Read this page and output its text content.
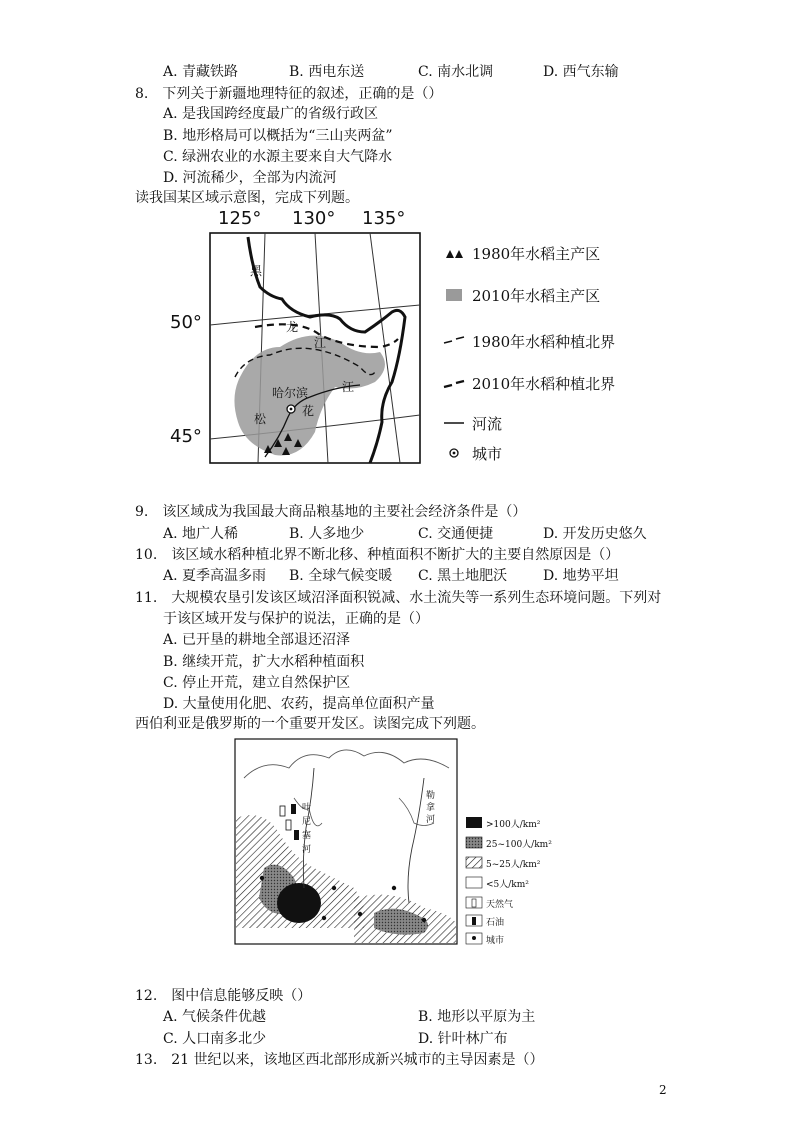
A. 青藏铁路	B. 西电东送	C. 南水北调	D. 西气东输
8.　下列关于新疆地理特征的叙述，正确的是（）
A. 是我国跨经度最广的省级行政区
B. 地形格局可以概括为“三山夹两盆”
C. 绿洲农业的水源主要来自大气降水
D. 河流稀少，全部为内流河
读我国某区域示意图，完成下列题。
125° 130° 135°
50°
45°
黑
龙
江
松
花
江
哈尔滨
1980年水稻主产区
2010年水稻主产区
1980年水稻种植北界
2010年水稻种植北界
河流
城市
9.　该区域成为我国最大商品粮基地的主要社会经济条件是（）
A. 地广人稀	B. 人多地少	C. 交通便捷	D. 开发历史悠久
10.　该区域水稻种植北界不断北移、种植面积不断扩大的主要自然原因是（）
A. 夏季高温多雨 B. 全球气候变暖 C. 黑土地肥沃	D. 地势平坦
11.　大规模农垦引发该区域沼泽面积锐减、水土流失等一系列生态环境问题。下列对
于该区域开发与保护的说法，正确的是（）
A. 已开垦的耕地全部退还沼泽
B. 继续开荒，扩大水稻种植面积
C. 停止开荒，建立自然保护区
D. 大量使用化肥、农药，提高单位面积产量
西伯利亚是俄罗斯的一个重要开发区。读图完成下列题。
叶
尼
塞
河
勒
拿
河	>100人/km²
25~100人/km²
5~25人/km²
<5人/km²
天然气
石油
城市
12.　图中信息能够反映（）
A. 气候条件优越	B. 地形以平原为主
C. 人口南多北少	D. 针叶林广布
13.　21 世纪以来，该地区西北部形成新兴城市的主导因素是（）
2
